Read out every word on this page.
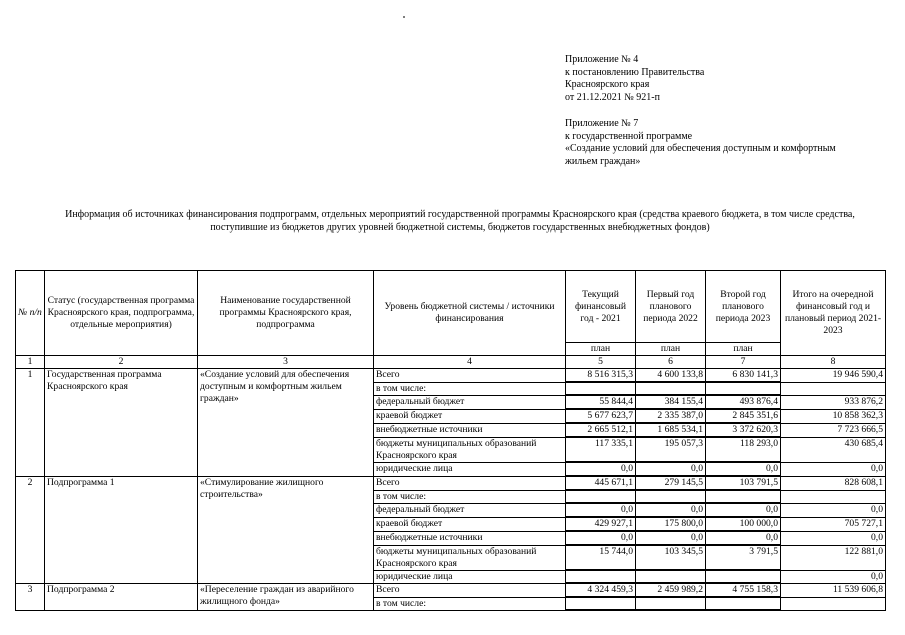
Приложение № 4
к постановлению Правительства
Красноярского края
от 21.12.2021 № 921-п
Приложение № 7
к государственной программе
«Создание условий для обеспечения доступным и комфортным
жильем граждан»
Информация об источниках финансирования подпрограмм, отдельных мероприятий государственной программы Красноярского края (средства краевого бюджета, в том числе средства, поступившие из бюджетов других уровней бюджетной системы, бюджетов государственных внебюджетных фондов)
№ п/п	Статус (государственная программа Красноярского края, подпрограмма, отдельные мероприятия)	Наименование государственной программы Красноярского края, подпрограмма	Уровень бюджетной системы / источники финансирования	Текущий финансовый год - 2021	Первый год планового периода 2022	Второй год планового периода 2023	Итого на очередной финансовый год и плановый период 2021-2023
				план	план	план	
1	2	3	4	5	6	7	8
1	Государственная программа Красноярского края	«Создание условий для обеспечения доступным и комфортным жильем граждан»	Всего	8 516 315,3	4 600 133,8	6 830 141,3	19 946 590,4
			в том числе:				
			федеральный бюджет	55 844,4	384 155,4	493 876,4	933 876,2
			краевой бюджет	5 677 623,7	2 335 387,0	2 845 351,6	10 858 362,3
			внебюджетные источники	2 665 512,1	1 685 534,1	3 372 620,3	7 723 666,5
			бюджеты муниципальных образований Красноярского края	117 335,1	195 057,3	118 293,0	430 685,4
			юридические лица	0,0	0,0	0,0	0,0
2	Подпрограмма 1	«Стимулирование жилищного строительства»	Всего	445 671,1	279 145,5	103 791,5	828 608,1
			в том числе:				
			федеральный бюджет	0,0	0,0	0,0	0,0
			краевой бюджет	429 927,1	175 800,0	100 000,0	705 727,1
			внебюджетные источники	0,0	0,0	0,0	0,0
			бюджеты муниципальных образований Красноярского края	15 744,0	103 345,5	3 791,5	122 881,0
			юридические лица				0,0
3	Подпрограмма 2	«Переселение граждан из аварийного жилищного фонда»	Всего	4 324 459,3	2 459 989,2	4 755 158,3	11 539 606,8
			в том числе:				
